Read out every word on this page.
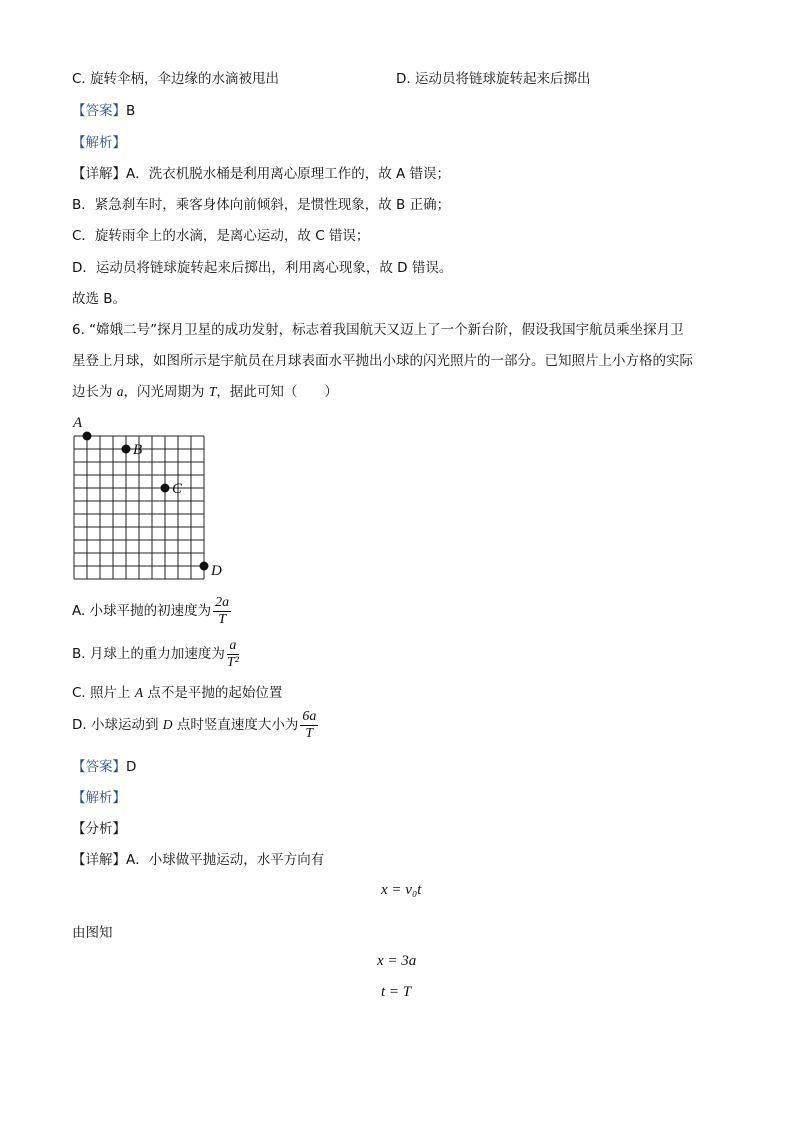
C. 旋转伞柄，伞边缘的水滴被甩出	D. 运动员将链球旋转起来后掷出
【答案】B
【解析】
【详解】A．洗衣机脱水桶是利用离心原理工作的，故 A 错误；
B．紧急刹车时，乘客身体向前倾斜，是惯性现象，故 B 正确；
C．旋转雨伞上的水滴，是离心运动，故 C 错误；
D．运动员将链球旋转起来后掷出，利用离心现象，故 D 错误。
故选 B。
6. “嫦娥二号”探月卫星的成功发射，标志着我国航天又迈上了一个新台阶，假设我国宇航员乘坐探月卫
星登上月球，如图所示是宇航员在月球表面水平抛出小球的闪光照片的一部分。已知照片上小方格的实际
边长为 a，闪光周期为 T，据此可知（　　）
A
B
C
D
A. 小球平抛的初速度为 $\frac{2a}{T}$
B. 月球上的重力加速度为 $\frac{a}{\text{T²}}$
C. 照片上 A 点不是平抛的起始位置
D. 小球运动到 D 点时竖直速度大小为 $\frac{6a}{T}$
【答案】D
【解析】
【分析】
【详解】A．小球做平抛运动，水平方向有
x = v₀t
由图知
x = 3a
t = T
